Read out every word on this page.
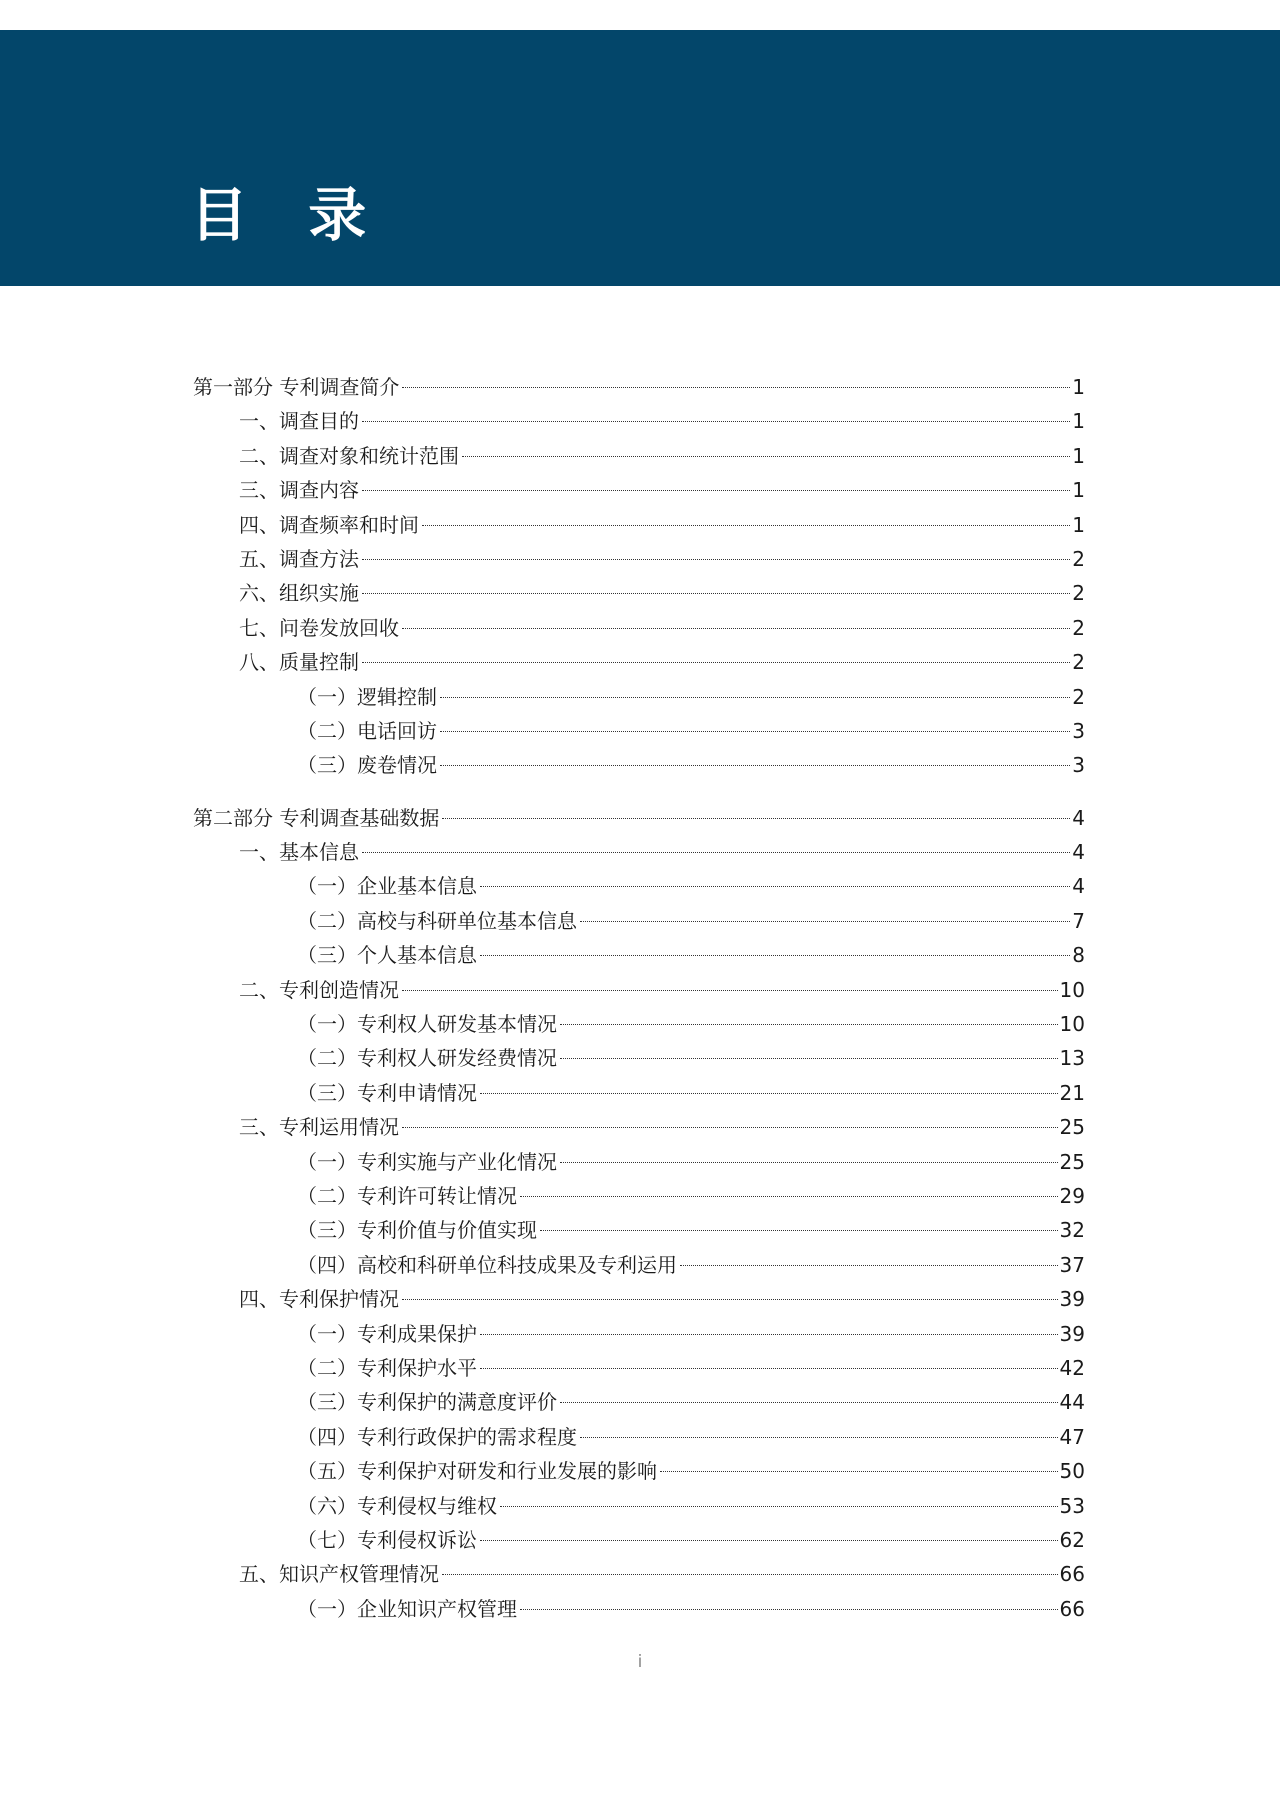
目 录
第一部分 专利调查简介	1
一、调查目的	1
二、调查对象和统计范围	1
三、调查内容	1
四、调查频率和时间	1
五、调查方法	2
六、组织实施	2
七、问卷发放回收	2
八、质量控制	2
（一）逻辑控制	2
（二）电话回访	3
（三）废卷情况	3
第二部分 专利调查基础数据	4
一、基本信息	4
（一）企业基本信息	4
（二）高校与科研单位基本信息	7
（三）个人基本信息	8
二、专利创造情况	10
（一）专利权人研发基本情况	10
（二）专利权人研发经费情况	13
（三）专利申请情况	21
三、专利运用情况	25
（一）专利实施与产业化情况	25
（二）专利许可转让情况	29
（三）专利价值与价值实现	32
（四）高校和科研单位科技成果及专利运用	37
四、专利保护情况	39
（一）专利成果保护	39
（二）专利保护水平	42
（三）专利保护的满意度评价	44
（四）专利行政保护的需求程度	47
（五）专利保护对研发和行业发展的影响	50
（六）专利侵权与维权	53
（七）专利侵权诉讼	62
五、知识产权管理情况	66
（一）企业知识产权管理	66
i
